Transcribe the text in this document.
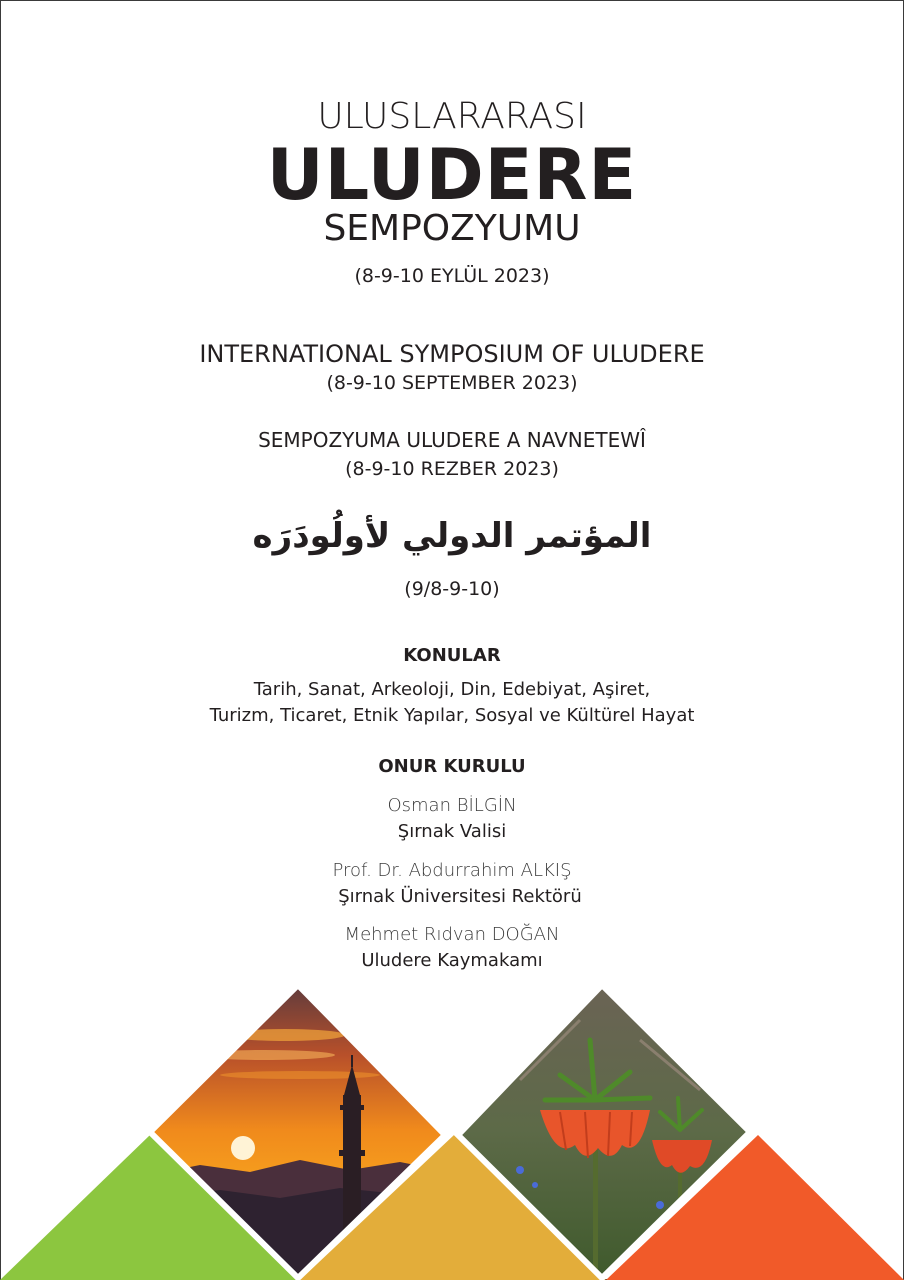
ULUSLARARASI
ULUDERE
SEMPOZYUMU
(8-9-10 EYLÜL 2023)
INTERNATIONAL SYMPOSIUM OF ULUDERE
(8-9-10 SEPTEMBER 2023)
SEMPOZYUMA ULUDERE A NAVNETEWÎ
(8-9-10 REZBER 2023)
المؤتمر الدولي لأولُودَرَه
(9/8-9-10)
KONULAR
Tarih, Sanat, Arkeoloji, Din, Edebiyat, Aşiret,
Turizm, Ticaret, Etnik Yapılar, Sosyal ve Kültürel Hayat
ONUR KURULU
Osman BİLGİN
Şırnak Valisi
Prof. Dr. Abdurrahim ALKIŞ
Şırnak Üniversitesi Rektörü
Mehmet Rıdvan DOĞAN
Uludere Kaymakamı
